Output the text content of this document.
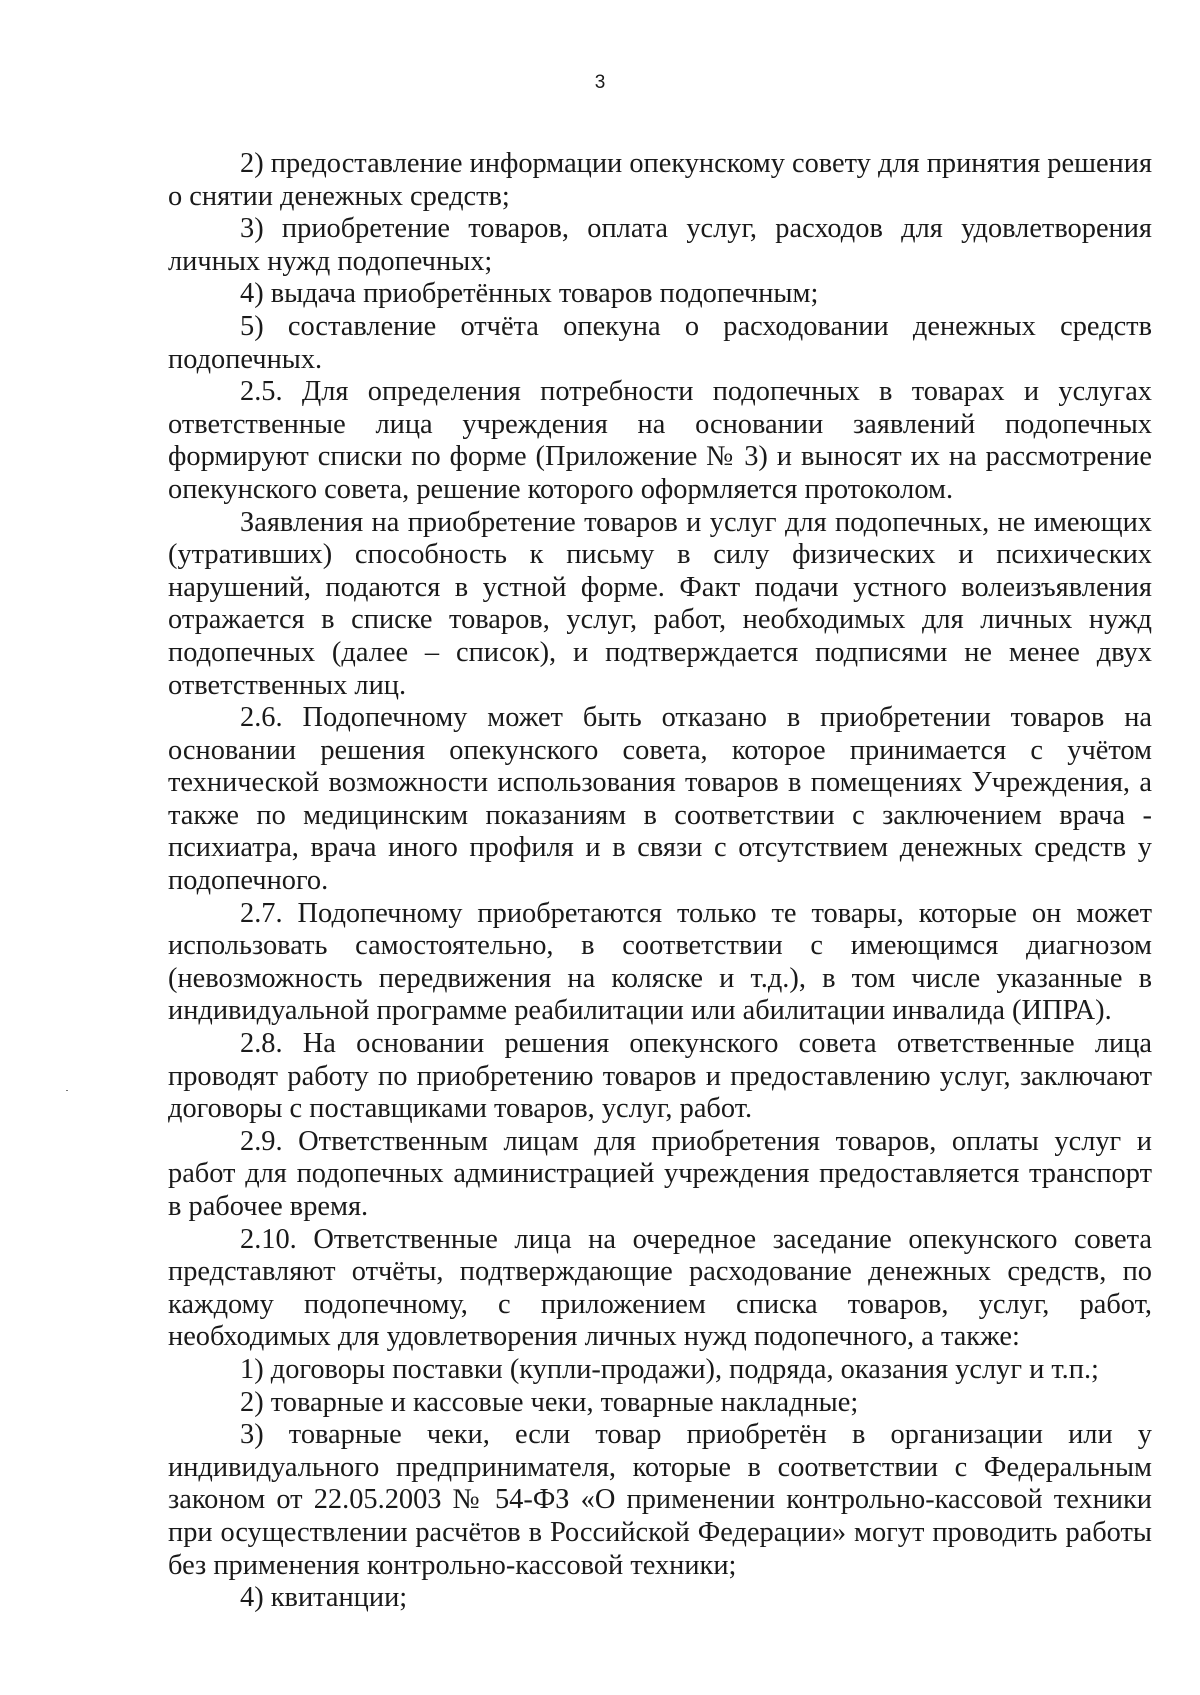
3

2) предоставление информации опекунскому совету для принятия решения о снятии денежных средств;

3) приобретение товаров, оплата услуг, расходов для удовлетворения личных нужд подопечных;

4) выдача приобретённых товаров подопечным;

5) составление отчёта опекуна о расходовании денежных средств подопечных.

2.5. Для определения потребности подопечных в товарах и услугах ответственные лица учреждения на основании заявлений подопечных формируют списки по форме (Приложение № 3) и выносят их на рассмотрение опекунского совета, решение которого оформляется протоколом.

Заявления на приобретение товаров и услуг для подопечных, не имеющих (утративших) способность к письму в силу физических и психических нарушений, подаются в устной форме. Факт подачи устного волеизъявления отражается в списке товаров, услуг, работ, необходимых для личных нужд подопечных (далее – список), и подтверждается подписями не менее двух ответственных лиц.

2.6. Подопечному может быть отказано в приобретении товаров на основании решения опекунского совета, которое принимается с учётом технической возможности использования товаров в помещениях Учреждения, а также по медицинским показаниям в соответствии с заключением врача - психиатра, врача иного профиля и в связи с отсутствием денежных средств у подопечного.

2.7. Подопечному приобретаются только те товары, которые он может использовать самостоятельно, в соответствии с имеющимся диагнозом (невозможность передвижения на коляске и т.д.), в том числе указанные в индивидуальной программе реабилитации или абилитации инвалида (ИПРА).

2.8. На основании решения опекунского совета ответственные лица проводят работу по приобретению товаров и предоставлению услуг, заключают договоры с поставщиками товаров, услуг, работ.

2.9. Ответственным лицам для приобретения товаров, оплаты услуг и работ для подопечных администрацией учреждения предоставляется транспорт в рабочее время.

2.10. Ответственные лица на очередное заседание опекунского совета представляют отчёты, подтверждающие расходование денежных средств, по каждому подопечному, с приложением списка товаров, услуг, работ, необходимых для удовлетворения личных нужд подопечного, а также:

1) договоры поставки (купли-продажи), подряда, оказания услуг и т.п.;

2) товарные и кассовые чеки, товарные накладные;

3) товарные чеки, если товар приобретён в организации или у индивидуального предпринимателя, которые в соответствии с Федеральным законом от 22.05.2003 № 54-ФЗ «О применении контрольно-кассовой техники при осуществлении расчётов в Российской Федерации» могут проводить работы без применения контрольно-кассовой техники;

4) квитанции;
